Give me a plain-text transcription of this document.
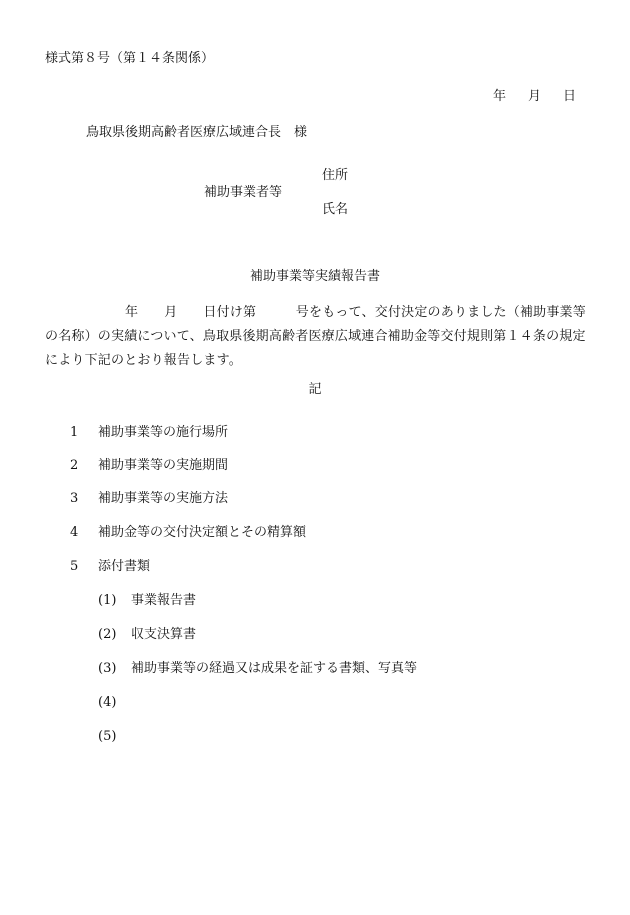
様式第８号（第１４条関係）
年 月 日
鳥取県後期高齢者医療広域連合長　様
住所
補助事業者等
氏名
補助事業等実績報告書
年 月 日付け第　　　号をもって、交付決定のありました（補助事業等の名称）の実績について、鳥取県後期高齢者医療広域連合補助金等交付規則第１４条の規定により下記のとおり報告します。
記
1 補助事業等の施行場所
2 補助事業等の実施期間
3 補助事業等の実施方法
4 補助金等の交付決定額とその精算額
5 添付書類
(1) 事業報告書
(2) 収支決算書
(3) 補助事業等の経過又は成果を証する書類、写真等
(4)
(5)
